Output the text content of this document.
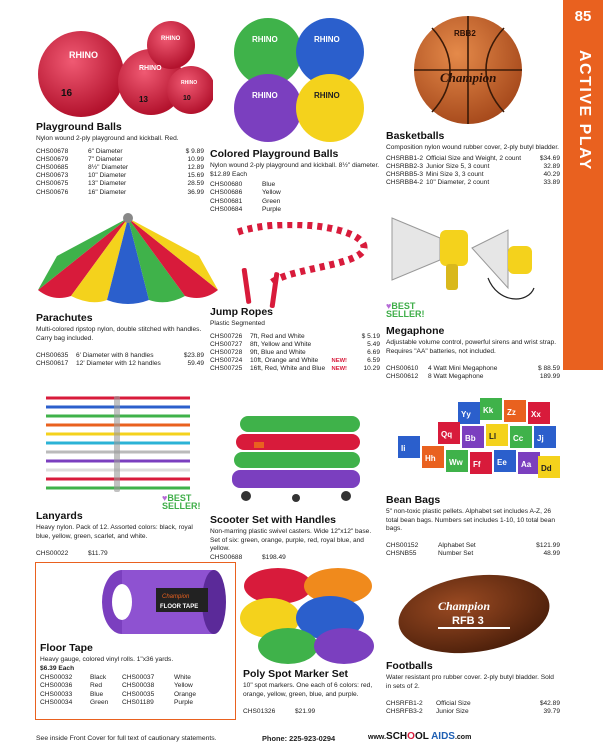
85
ACTIVE PLAY
RHINO
16
RHINO
13
RHINO
10
RHINO
Playground Balls
Nylon wound 2-ply playground and kickball. Red.
CHS00678	6" Diameter	$ 9.89
CHS00679	7" Diameter	10.99
CHS00685	8½" Diameter	12.89
CHS00673	10" Diameter	15.69
CHS00675	13" Diameter	28.59
CHS00676	16" Diameter	36.99
RHINO	RHINO
RHINO	RHINO
Colored Playground Balls
Nylon wound 2-ply playground and kickball. 8½" diameter. $12.89 Each
CHS00680	Blue
CHS00686	Yellow
CHS00681	Green
CHS00684	Purple
RBB2
Champion
Basketballs
Composition nylon wound rubber cover, 2-ply butyl bladder.
CHSRBB1-2 Official Size and Weight, 2 count	$34.69
CHSRBB2-3 Junior Size 5, 3 count	32.89
CHSRBB5-3 Mini Size 3, 3 count	40.29
CHSRBB4-2 10" Diameter, 2 count	33.89
Parachutes
Multi-colored ripstop nylon, double stitched with handles. Carry bag included.
CHS00635	6' Diameter with 8 handles	$23.89
CHS00617	12' Diameter with 12 handles	59.49
Jump Ropes
Plastic Segmented
CHS00726	7ft, Red and White	$ 5.19
CHS00727	8ft, Yellow and White	5.49
CHS00728	9ft, Blue and White	6.69
CHS00724	10ft, Orange and White	NEW!	6.59
CHS00725	16ft, Red, White and Blue	NEW!	10.29
♥BEST
SELLER!
Megaphone
Adjustable volume control, powerful sirens and wrist strap. Requires "AA" batteries, not included.
CHS00610	4 Watt Mini Megaphone	$ 88.59
CHS00612	8 Watt Megaphone	189.99
♥BEST
SELLER!
Lanyards
Heavy nylon. Pack of 12. Assorted colors: black, royal blue, yellow, green, scarlet, and white.
CHS00022	$11.79
Scooter Set with Handles
Non-marring plastic swivel casters. Wide 12"x12" base. Set of six: green, orange, purple, red, royal blue, and yellow.
CHS00688	$198.49
Yy Kk Zz Xx
Qq Bb Ll Cc Jj
Ii
Hh Ww Ff Ee Aa Dd
Bean Bags
5" non-toxic plastic pellets. Alphabet set includes A-Z, 26 total bean bags. Numbers set includes 1-10, 10 total bean bags.
CHS00152	Alphabet Set	$121.99
CHSNB55	Number Set	48.99
Champion
FLOOR TAPE
Floor Tape
Heavy gauge, colored vinyl rolls. 1"x36 yards.
$6.39 Each
CHS00032	Black	CHS00037	White
CHS00036	Red	CHS00038	Yellow
CHS00033	Blue	CHS00035	Orange
CHS00034	Green	CHS01189	Purple
Poly Spot Marker Set
10" spot markers. One each of 6 colors: red, orange, yellow, green, blue, and purple.
CHS01326	$21.99
Champion
RFB 3
Footballs
Water resistant pro rubber cover. 2-ply butyl bladder. Sold in sets of 2.
CHSRFB1-2	Official Size	$42.89
CHSRFB3-2	Junior Size	39.79
See inside Front Cover for full text of cautionary statements.	Phone: 225-923-0294	www.SCHOOL AIDS.com
